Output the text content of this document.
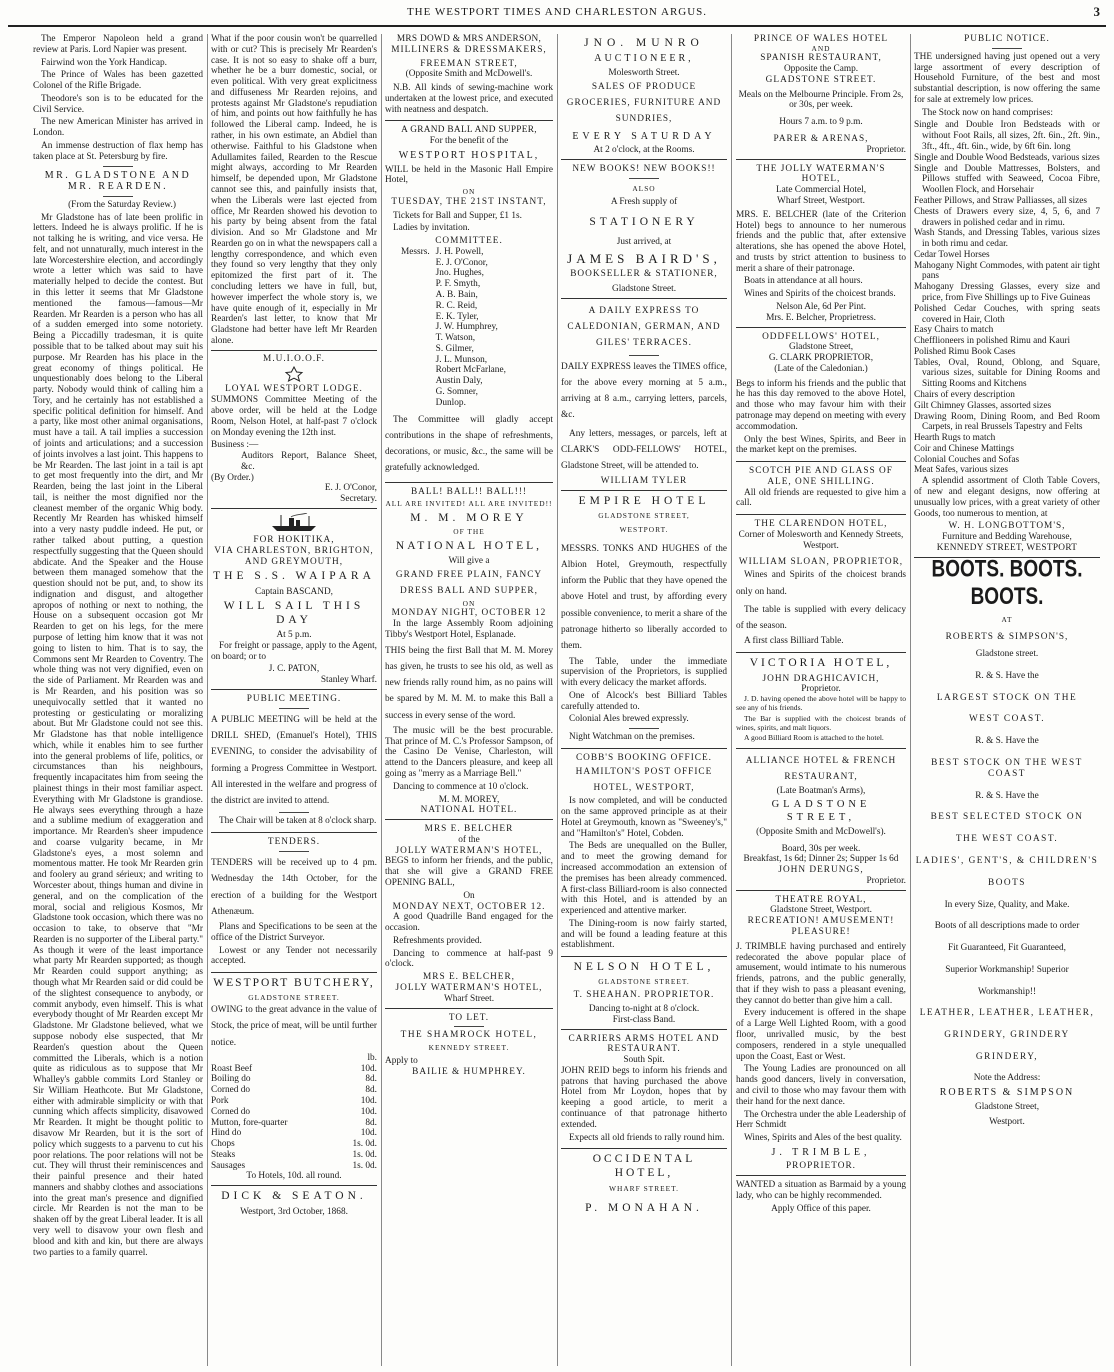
THE WESTPORT TIMES AND CHARLESTON ARGUS.	3

The Emperor Napoleon held a grand review at Paris. Lord Napier was present.

Fairwind won the York Handicap.

The Prince of Wales has been gazetted Colonel of the Rifle Brigade.

Theodore's son is to be educated for the Civil Service.

The new American Minister has arrived in London.

An immense destruction of flax hemp has taken place at St. Petersburg by fire.

MR. GLADSTONE AND MR. REARDEN.

(From the Saturday Review.)

Mr Gladstone has of late been prolific in letters. Indeed he is always prolific. If he is not talking he is writing, and vice versa. He felt, and not unnaturally, much interest in the late Worcestershire election, and accordingly wrote a letter which was said to have materially helped to decide the contest. But in this letter it seems that Mr Gladstone mentioned the famous—famous—Mr Rearden. Mr Rearden is a person who has all of a sudden emerged into some notoriety. Being a Piccadilly tradesman, it is quite possible that to be talked about may suit his purpose. Mr Rearden has his place in the great economy of things political. He unquestionably does belong to the Liberal party. Nobody would think of calling him a Tory, and he certainly has not established a specific political definition for himself. And a party, like most other animal organisations, must have a tail. A tail implies a succession of joints and articulations; and a succession of joints involves a last joint. This happens to be Mr Rearden. The last joint in a tail is apt to get most frequently into the dirt, and Mr Rearden, being the last joint in the Liberal tail, is neither the most dignified nor the cleanest member of the organic Whig body. Recently Mr Rearden has whisked himself into a very nasty puddle indeed. He put, or rather talked about putting, a question respectfully suggesting that the Queen should abdicate. And the Speaker and the House between them managed somehow that the question should not be put, and, to show its indignation and disgust, and altogether apropos of nothing or next to nothing, the House on a subsequent occasion got Mr Rearden to get on his legs, for the mere purpose of letting him know that it was not going to listen to him. That is to say, the Commons sent Mr Rearden to Coventry. The whole thing was not very dignified, even on the side of Parliament. Mr Rearden was and is Mr Rearden, and his position was so unequivocally settled that it wanted no protesting or gesticulating or moralizing about. But Mr Gladstone could not see this. Mr Gladstone has that noble intelligence which, while it enables him to see further into the general problems of life, politics, or circumstances than his neighbours, frequently incapacitates him from seeing the plainest things in their most familiar aspect. Everything with Mr Gladstone is grandiose. He always sees everything through a haze and a sublime medium of exaggeration and importance. Mr Rearden's sheer impudence and coarse vulgarity became, in Mr Gladstone's eyes, a most solemn and momentous matter. He took Mr Rearden grin and foolery au grand sérieux; and writing to Worcester about, things human and divine in general, and on the complication of the moral, social and religious Kosmos, Mr Gladstone took occasion, which there was no occasion to take, to observe that "Mr Rearden is no supporter of the Liberal party." As though it were of the least importance what party Mr Rearden supported; as though Mr Rearden could support anything; as though what Mr Rearden said or did could be of the slightest consequence to anybody, or commit anybody, even himself. This is what everybody thought of Mr Rearden except Mr Gladstone. Mr Gladstone believed, what we suppose nobody else suspected, that Mr Rearden's question about the Queen committed the Liberals, which is a notion quite as ridiculous as to suppose that Mr Whalley's gabble commits Lord Stanley or Sir William Heathcote. But Mr Gladstone, either with admirable simplicity or with that cunning which affects simplicity, disavowed Mr Rearden. It might be thought politic to disavow Mr Rearden, but it is the sort of policy which suggests to a parvenu to cut his poor relations. The poor relations will not be cut. They will thrust their reminiscences and their painful presence and their hated manners and shabby clothes and associations into the great man's presence and dignified circle. Mr Rearden is not the man to be shaken off by the great Liberal leader. It is all very well to disavow your own flesh and blood and kith and kin, but there are always two parties to a family quarrel.

What if the poor cousin won't be quarrelled with or cut? This is precisely Mr Rearden's case. It is not so easy to shake off a burr, whether he be a burr domestic, social, or even political. With very great explicitness and diffuseness Mr Rearden rejoins, and protests against Mr Gladstone's repudiation of him, and points out how faithfully he has followed the Liberal camp. Indeed, he is rather, in his own estimate, an Abdiel than otherwise. Faithful to his Gladstone when Adullamites failed, Rearden to the Rescue might always, according to Mr Rearden himself, be depended upon, Mr Gladstone cannot see this, and painfully insists that, when the Liberals were last ejected from office, Mr Rearden showed his devotion to his party by being absent from the fatal division. And so Mr Gladstone and Mr Rearden go on in what the newspapers call a lengthy correspondence, and which even they found so very lengthy that they only epitomized the first part of it. The concluding letters we have in full, but, however imperfect the whole story is, we have quite enough of it, especially in Mr Rearden's last letter, to know that Mr Gladstone had better have left Mr Rearden alone.

M.U.I.O.O.F.
LOYAL WESTPORT LODGE.

SUMMONS Committee Meeting of the above order, will be held at the Lodge Room, Nelson Hotel, at half-past 7 o'clock on Monday evening the 12th inst.

Business :—
Auditors Report, Balance Sheet, &c.
(By Order.)
E. J. O'Conor,
Secretary.
FOR HOKITIKA,
VIA CHARLESTON, BRIGHTON,
AND GREYMOUTH,
THE S.S. WAIPARA
Captain BASCAND,
WILL SAIL THIS DAY
At 5 p.m.

For freight or passage, apply to the Agent, on board; or to

J. C. PATON,
Stanley Wharf.
PUBLIC MEETING.

A PUBLIC MEETING will be held at the DRILL SHED, (Emanuel's Hotel), THIS EVENING, to consider the advisability of forming a Progress Committee in Westport. All interested in the welfare and progress of the district are invited to attend.

The Chair will be taken at 8 o'clock sharp.

TENDERS.

TENDERS will be received up to 4 pm. Wednesday the 14th October, for the erection of a building for the Westport Athenæum.

Plans and Specifications to be seen at the office of the District Surveyor.

Lowest or any Tender not necessarily accepted.

WESTPORT BUTCHERY,
GLADSTONE STREET.

OWING to the great advance in the value of Stock, the price of meat, will be until further notice.

lb.
Roast Beef	10d.
Boiling do	8d.
Corned do	8d.
Pork	10d.
Corned do	10d.
Mutton, fore-quarter	8d.
Hind do	10d.
Chops	1s. 0d.
Steaks	1s. 0d.
Sausages	1s. 0d.
To Hotels, 10d. all round.
DICK & SEATON.
Westport, 3rd October, 1868.
MRS DOWD & MRS ANDERSON,
MILLINERS & DRESSMAKERS,
FREEMAN STREET,
(Opposite Smith and McDowell's.

N.B. All kinds of sewing-machine work undertaken at the lowest price, and executed with neatness and despatch.

A GRAND BALL AND SUPPER,
For the benefit of the
WESTPORT HOSPITAL,

WILL be held in the Masonic Hall Empire Hotel,

ON
TUESDAY, THE 21ST INSTANT,

Tickets for Ball and Supper, £1 1s.

Ladies by invitation.

COMMITTEE.
Messrs. J. H. Powell,
E. J. O'Conor,
Jno. Hughes,
P. F. Smyth,
A. B. Bain,
R. C. Reid,
E. K. Tyler,
J. W. Humphrey,
T. Watson,
S. Gilmer,
J. L. Munson,
Robert McFarlane,
Austin Daly,
G. Somner,
Dunlop.

The Committee will gladly accept contributions in the shape of refreshments, decorations, or music, &c., the same will be gratefully acknowledged.

BALL! BALL!! BALL!!!
ALL ARE INVITED! ALL ARE INVITED!!
M. M. MOREY
OF THE
NATIONAL HOTEL,
Will give a
GRAND FREE PLAIN, FANCY DRESS BALL AND SUPPER,
ON
MONDAY NIGHT, OCTOBER 12

In the large Assembly Room adjoining Tibby's Westport Hotel, Esplanade.

THIS being the first Ball that M. M. Morey has given, he trusts to see his old, as well as new friends rally round him, as no pains will be spared by M. M. M. to make this Ball a success in every sense of the word.

The music will be the best procurable. That prince of M. C.'s Professor Sampson, of the Casino De Venise, Charleston, will attend to the Dancers pleasure, and keep all going as "merry as a Marriage Bell."

Dancing to commence at 10 o'clock.

M. M. MOREY,
NATIONAL HOTEL.
MRS E. BELCHER
of the
JOLLY WATERMAN'S HOTEL,

BEGS to inform her friends, and the public, that she will give a GRAND FREE OPENING BALL,

On
MONDAY NEXT, OCTOBER 12.

A good Quadrille Band engaged for the occasion.

Refreshments provided.

Dancing to commence at half-past 9 o'clock.

MRS E. BELCHER,
JOLLY WATERMAN'S HOTEL,
Wharf Street.
TO LET.
THE SHAMROCK HOTEL,
KENNEDY STREET.
Apply to
BAILIE & HUMPHREY.
JNO. MUNRO
AUCTIONEER,
Molesworth Street.
SALES OF PRODUCE GROCERIES, FURNITURE AND SUNDRIES,
EVERY SATURDAY
At 2 o'clock, at the Rooms.
NEW BOOKS! NEW BOOKS!!
ALSO
A Fresh supply of
STATIONERY
Just arrived, at
JAMES BAIRD'S,
BOOKSELLER & STATIONER,
Gladstone Street.
A DAILY EXPRESS TO CALEDONIAN, GERMAN, AND GILES' TERRACES.

DAILY EXPRESS leaves the TIMES office, for the above every morning at 5 a.m., arriving at 8 a.m., carrying letters, parcels, &c.

Any letters, messages, or parcels, left at CLARK'S ODD-FELLOWS' HOTEL, Gladstone Street, will be attended to.

WILLIAM TYLER
EMPIRE HOTEL
GLADSTONE STREET,
WESTPORT.

MESSRS. TONKS AND HUGHES of the Albion Hotel, Greymouth, respectfully inform the Public that they have opened the above Hotel and trust, by affording every possible convenience, to merit a share of the patronage hitherto so liberally accorded to them.

The Table, under the immediate supervision of the Proprietors, is supplied with every delicacy the market affords.

One of Alcock's best Billiard Tables carefully attended to.

Colonial Ales brewed expressly.

Night Watchman on the premises.

COBB'S BOOKING OFFICE.
HAMILTON'S POST OFFICE HOTEL, WESTPORT,

Is now completed, and will be conducted on the same approved principle as at their Hotel at Greymouth, known as "Sweeney's," and "Hamilton's" Hotel, Cobden.

The Beds are unequalled on the Buller, and to meet the growing demand for increased accommodation an extension of the premises has been already commenced. A first-class Billiard-room is also connected with this Hotel, and is attended by an experienced and attentive marker.

The Dining-room is now fairly started, and will be found a leading feature at this establishment.

NELSON HOTEL,
GLADSTONE STREET.
T. SHEAHAN. PROPRIETOR.
Dancing to-night at 8 o'clock.
First-class Band.
CARRIERS ARMS HOTEL AND RESTAURANT.
South Spit.

JOHN REID begs to inform his friends and patrons that having purchased the above Hotel from Mr Loydon, hopes that by keeping a good article, to merit a continuance of that patronage hitherto extended.

Expects all old friends to rally round him.

OCCIDENTAL HOTEL,
WHARF STREET.
P. MONAHAN.
PRINCE OF WALES HOTEL
AND
SPANISH RESTAURANT,
Opposite the Camp.
GLADSTONE STREET.

Meals on the Melbourne Principle. From 2s, or 30s, per week.

Hours 7 a.m. to 9 p.m.

PARER & ARENAS,
Proprietor.
THE JOLLY WATERMAN'S HOTEL,
Late Commercial Hotel,
Wharf Street, Westport.

MRS. E. BELCHER (late of the Criterion Hotel) begs to announce to her numerous friends and the public that, after extensive alterations, she has opened the above Hotel, and trusts by strict attention to business to merit a share of their patronage.

Boats in attendance at all hours.

Wines and Spirits of the choicest brands.

Nelson Ale, 6d Per Pint.
Mrs. E. Belcher, Proprietress.
ODDFELLOWS' HOTEL,
Gladstone Street,
G. CLARK PROPRIETOR,
(Late of the Caledonian.)

Begs to inform his friends and the public that he has this day removed to the above Hotel, and those who may favour him with their patronage may depend on meeting with every accommodation.

Only the best Wines, Spirits, and Beer in the market kept on the premises.

SCOTCH PIE AND GLASS OF ALE, ONE SHILLING.

All old friends are requested to give him a call.

THE CLARENDON HOTEL,
Corner of Molesworth and Kennedy Streets, Westport.
WILLIAM SLOAN, PROPRIETOR,

Wines and Spirits of the choicest brands only on hand.

The table is supplied with every delicacy of the season.

A first class Billiard Table.

VICTORIA HOTEL,
JOHN DRAGHICAVICH,
Proprietor.

J. D. having opened the above hotel will be happy to see any of his friends.

The Bar is supplied with the choicest brands of wines, spirits, and malt liquors.

A good Billiard Room is attached to the hotel.

ALLIANCE HOTEL & FRENCH RESTAURANT,
(Late Boatman's Arms),
GLADSTONE STREET,
(Opposite Smith and McDowell's).
Board, 30s per week.
Breakfast, 1s 6d; Dinner 2s; Supper 1s 6d
JOHN DERUNGS,
Proprietor.
THEATRE ROYAL,
Gladstone Street, Westport.
RECREATION! AMUSEMENT! PLEASURE!

J. TRIMBLE having purchased and entirely redecorated the above popular place of amusement, would intimate to his numerous friends, patrons, and the public generally, that if they wish to pass a pleasant evening, they cannot do better than give him a call.

Every inducement is offered in the shape of a Large Well Lighted Room, with a good floor, unrivalled music, by the best composers, rendered in a style unequalled upon the Coast, East or West.

The Young Ladies are pronounced on all hands good dancers, lively in conversation, and civil to those who may favour them with their hand for the next dance.

The Orchestra under the able Leadership of Herr Schmidt

Wines, Spirits and Ales of the best quality.

J. TRIMBLE,
PROPRIETOR.

WANTED a situation as Barmaid by a young lady, who can be highly recommended.

Apply Office of this paper.
PUBLIC NOTICE.

THE undersigned having just opened out a very large assortment of every description of Household Furniture, of the best and most substantial description, is now offering the same for sale at extremely low prices.

The Stock now on hand comprises:

Single and Double Iron Bedsteads with or without Foot Rails, all sizes, 2ft. 6in., 2ft. 9in., 3ft., 4ft., 4ft. 6in., wide, by 6ft 6in. long

Single and Double Wood Bedsteads, various sizes

Single and Double Mattresses, Bolsters, and Pillows stuffed with Seaweed, Cocoa Fibre, Woollen Flock, and Horsehair

Feather Pillows, and Straw Palliasses, all sizes

Chests of Drawers every size, 4, 5, 6, and 7 drawers in polished cedar and in rimu.

Wash Stands, and Dressing Tables, various sizes in both rimu and cedar.

Cedar Towel Horses

Mahogany Night Commodes, with patent air tight pans

Mahogany Dressing Glasses, every size and price, from Five Shillings up to Five Guineas

Polished Cedar Couches, with spring seats covered in Hair, Cloth

Easy Chairs to match

Chefflioneers in polished Rimu and Kauri

Polished Rimu Book Cases

Tables, Oval, Round, Oblong, and Square, various sizes, suitable for Dining Rooms and Sitting Rooms and Kitchens

Chairs of every description

Gilt Chimney Glasses, assorted sizes

Drawing Room, Dining Room, and Bed Room Carpets, in real Brussels Tapestry and Felts

Hearth Rugs to match

Coir and Chinese Mattings

Colonial Couches and Sofas

Meat Safes, various sizes

A splendid assortment of Cloth Table Covers, of new and elegant designs, now offering at unusually low prices, with a great variety of other Goods, too numerous to mention, at

W. H. LONGBOTTOM'S,
Furniture and Bedding Warehouse,
KENNEDY STREET, WESTPORT
BOOTS. BOOTS. BOOTS.
AT
ROBERTS & SIMPSON'S,
Gladstone street.
R. & S. Have the
LARGEST STOCK ON THE
WEST COAST.
R. & S. Have the
BEST STOCK ON THE WEST COAST
R. & S. Have the
BEST SELECTED STOCK ON
THE WEST COAST.
LADIES', GENT'S, & CHILDREN'S
BOOTS
In every Size, Quality, and Make.
Boots of all descriptions made to order
Fit Guaranteed, Fit Guaranteed,
Superior Workmanship! Superior
Workmanship!!
LEATHER, LEATHER, LEATHER,
GRINDERY, GRINDERY
GRINDERY,
Note the Address:
ROBERTS & SIMPSON
Gladstone Street,
Westport.
